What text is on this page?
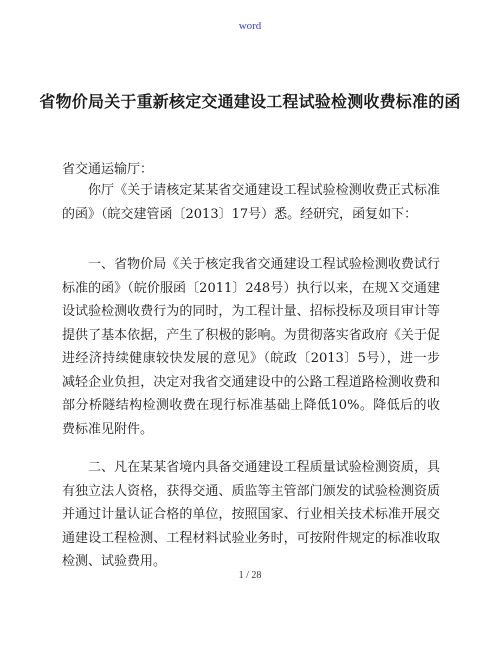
word
省物价局关于重新核定交通建设工程试验检测收费标准的函
省交通运输厅：

你厅《关于请核定某某省交通建设工程试验检测收费正式标准的函》（皖交建管函〔2013〕17号）悉。经研究，函复如下：

一、省物价局《关于核定我省交通建设工程试验检测收费试行标准的函》（皖价服函〔2011〕248号）执行以来，在规Ｘ交通建设试验检测收费行为的同时，为工程计量、招标投标及项目审计等提供了基本依据，产生了积极的影响。为贯彻落实省政府《关于促进经济持续健康较快发展的意见》（皖政〔2013〕5号），进一步减轻企业负担，决定对我省交通建设中的公路工程道路检测收费和部分桥隧结构检测收费在现行标准基础上降低10%。降低后的收费标准见附件。

二、凡在某某省境内具备交通建设工程质量试验检测资质，具有独立法人资格，获得交通、质监等主管部门颁发的试验检测资质并通过计量认证合格的单位，按照国家、行业相关技术标准开展交通建设工程检测、工程材料试验业务时，可按附件规定的标准收取检测、试验费用。

1 / 28
